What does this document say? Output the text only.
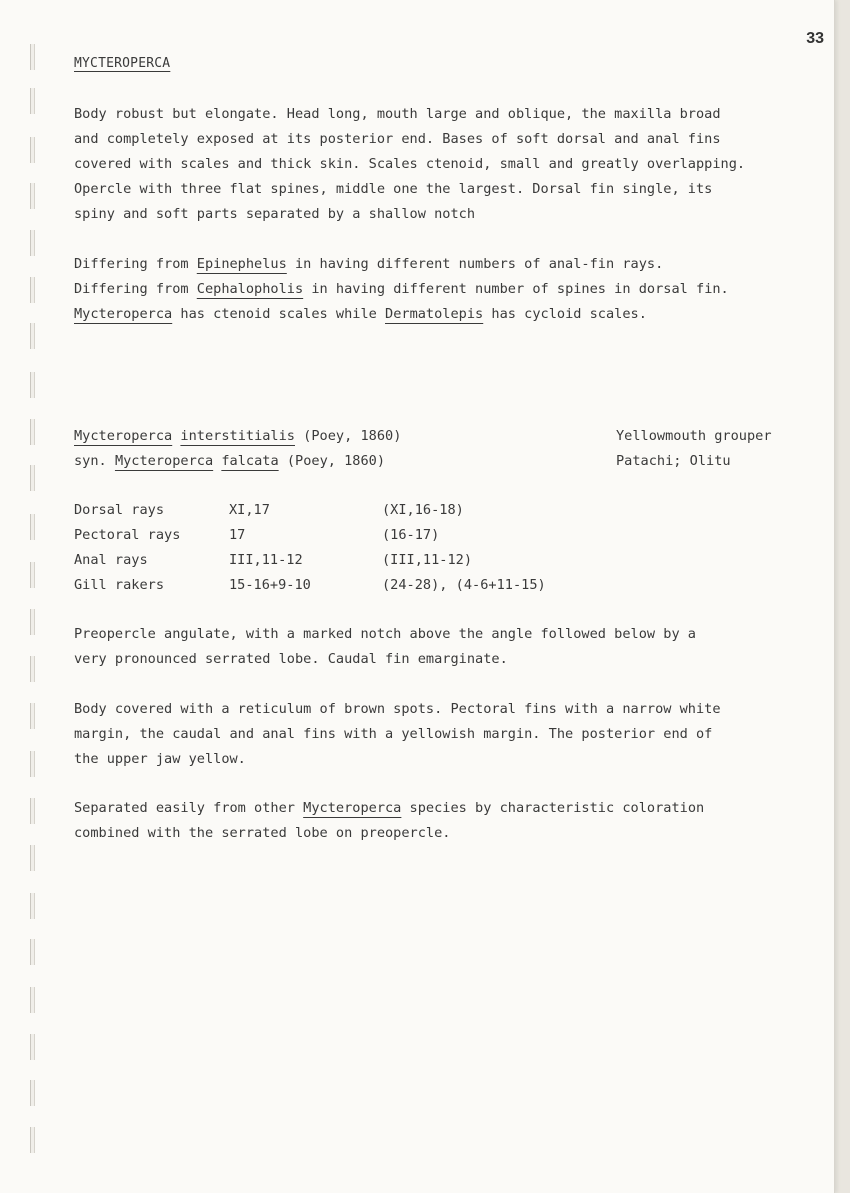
33
MYCTEROPERCA
Body robust but elongate. Head long, mouth large and oblique, the maxilla broad
and completely exposed at its posterior end. Bases of soft dorsal and anal fins
covered with scales and thick skin. Scales ctenoid, small and greatly overlapping.
Opercle with three flat spines, middle one the largest. Dorsal fin single, its
spiny and soft parts separated by a shallow notch
Differing from Epinephelus in having different numbers of anal-fin rays.
Differing from Cephalopholis in having different number of spines in dorsal fin.
Mycteroperca has ctenoid scales while Dermatolepis has cycloid scales.
Mycteroperca interstitialis (Poey, 1860)	Yellowmouth grouper
syn. Mycteroperca falcata (Poey, 1860)	Patachi; Olitu
Dorsal rays	XI,17	(XI,16-18)
Pectoral rays	17	(16-17)
Anal rays	III,11-12	(III,11-12)
Gill rakers	15-16+9-10	(24-28), (4-6+11-15)
Preopercle angulate, with a marked notch above the angle followed below by a
very pronounced serrated lobe. Caudal fin emarginate.
Body covered with a reticulum of brown spots. Pectoral fins with a narrow white
margin, the caudal and anal fins with a yellowish margin. The posterior end of
the upper jaw yellow.
Separated easily from other Mycteroperca species by characteristic coloration
combined with the serrated lobe on preopercle.
